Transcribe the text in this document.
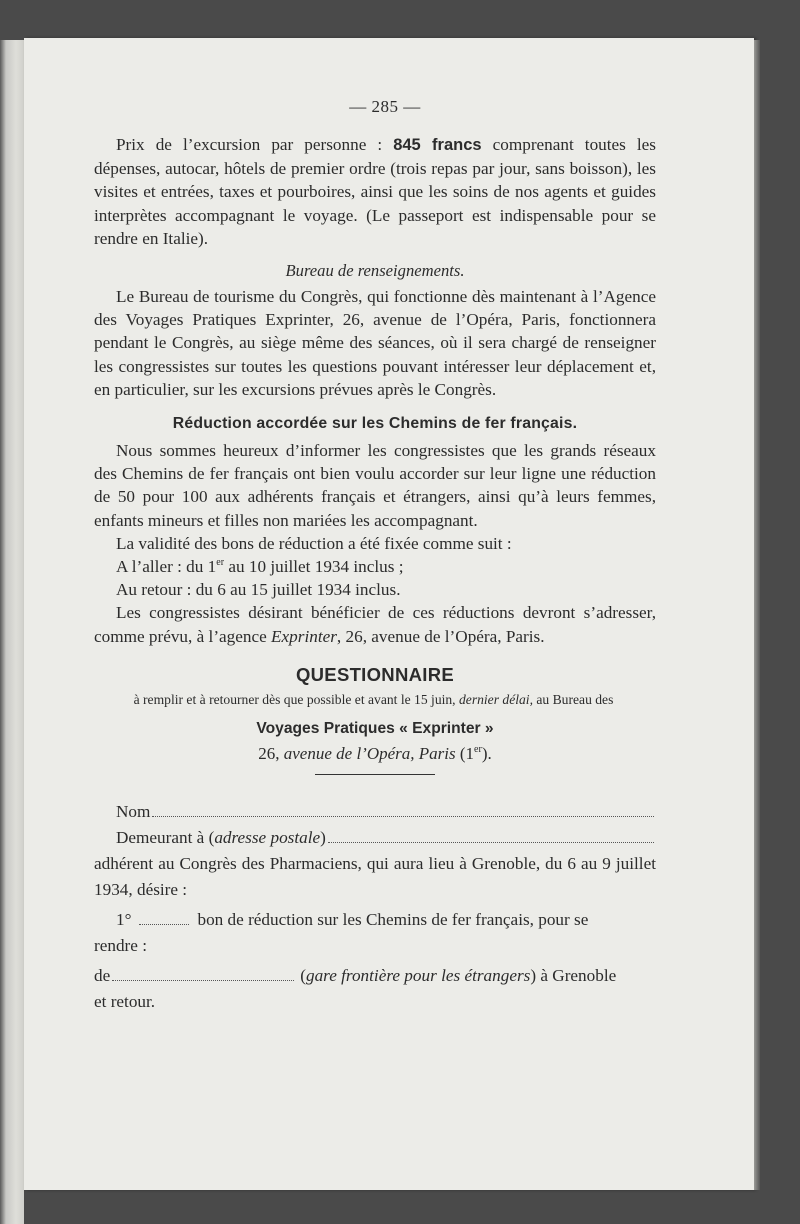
— 285 —

Prix de l’excursion par personne : 845 francs comprenant toutes les dépenses, autocar, hôtels de premier ordre (trois repas par jour, sans boisson), les visites et entrées, taxes et pourboires, ainsi que les soins de nos agents et guides interprètes accompagnant le voyage. (Le passeport est indispensable pour se rendre en Italie).

Bureau de renseignements.

Le Bureau de tourisme du Congrès, qui fonctionne dès maintenant à l’Agence des Voyages Pratiques Exprinter, 26, avenue de l’Opéra, Paris, fonctionnera pendant le Congrès, au siège même des séances, où il sera chargé de renseigner les congressistes sur toutes les questions pouvant intéresser leur déplacement et, en particulier, sur les excursions prévues après le Congrès.

Réduction accordée sur les Chemins de fer français.

Nous sommes heureux d’informer les congressistes que les grands réseaux des Chemins de fer français ont bien voulu accorder sur leur ligne une réduction de 50 pour 100 aux adhérents français et étrangers, ainsi qu’à leurs femmes, enfants mineurs et filles non mariées les accompagnant.

La validité des bons de réduction a été fixée comme suit :

A l’aller : du 1er au 10 juillet 1934 inclus ;

Au retour : du 6 au 15 juillet 1934 inclus.

Les congressistes désirant bénéficier de ces réductions devront s’adresser, comme prévu, à l’agence Exprinter, 26, avenue de l’Opéra, Paris.

QUESTIONNAIRE

à remplir et à retourner dès que possible et avant le 15 juin, dernier délai, au Bureau des

Voyages Pratiques « Exprinter »

26, avenue de l’Opéra, Paris (1er).

Nom
Demeurant à (adresse postale)

adhérent au Congrès des Pharmaciens, qui aura lieu à Grenoble, du 6 au 9 juillet 1934, désire :

1°	bon de réduction sur les Chemins de fer français, pour se

rendre :

de	(gare frontière pour les étrangers) à Grenoble

et retour.
